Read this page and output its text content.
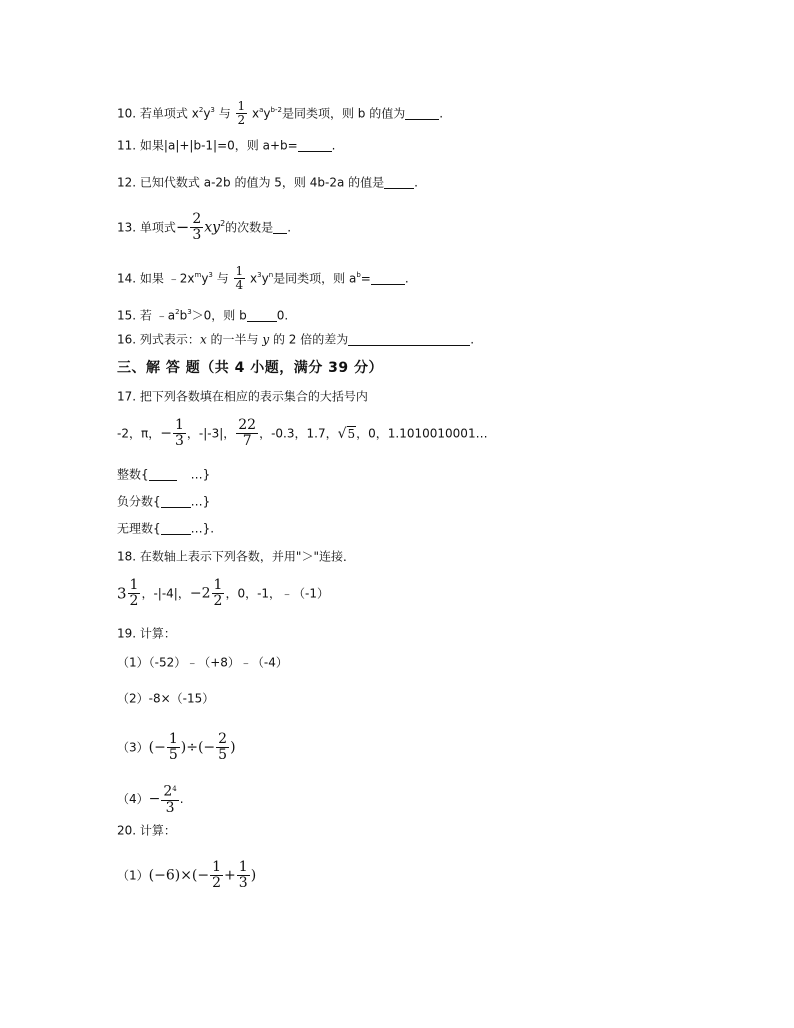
10. 若单项式 $x^2y^3$ 与 $\frac{1}{2} x^ay^{b-2}$是同类项，则 b 的值为	.
11. 如果|a|+|b-1|=0，则 a+b=	.
12. 已知代数式 a-2b 的值为 5，则 4b-2a 的值是	.
13. 单项式− $\frac{2}{3} xy^2$的次数是 .
14. 如果 $﹣2x^my^3$ 与 $\frac{1}{4} x^3y^n$是同类项，则 $a^b=$	.
15. 若 $﹣a^2b^3>0$，则 b	0.
16. 列式表示：x 的一半与 y 的 2 倍的差为	.
三、解 答 题（共 4 小题，满分 39 分）
17. 把下列各数填在相应的表示集合的大括号内
-2，π，− $\frac{1}{3}$ ，-|-3|， $\frac{22}{7}$ ，-0.3，1.7，√5，0，1.1010010001…
整数{	…}
负分数{	…}
无理数{	…}.
18. 在数轴上表示下列各数，并用"＞"连接．
$3 \frac{1}{2}$ ，-|-4|，$-2 \frac{1}{2}$ ，0，-1，﹣（-1）
19. 计算：
（1）（-52）﹣（+8）﹣（-4）
（2）-8×（-15）
$(3)(- \frac{1}{5}$ )÷(− $\frac{2}{5}$ )
$(4)- \frac{2^4}{3}$ .
20. 计算：
$(1)(-6)\times(- \frac{1}{2} + \frac{1}{3}$ )
